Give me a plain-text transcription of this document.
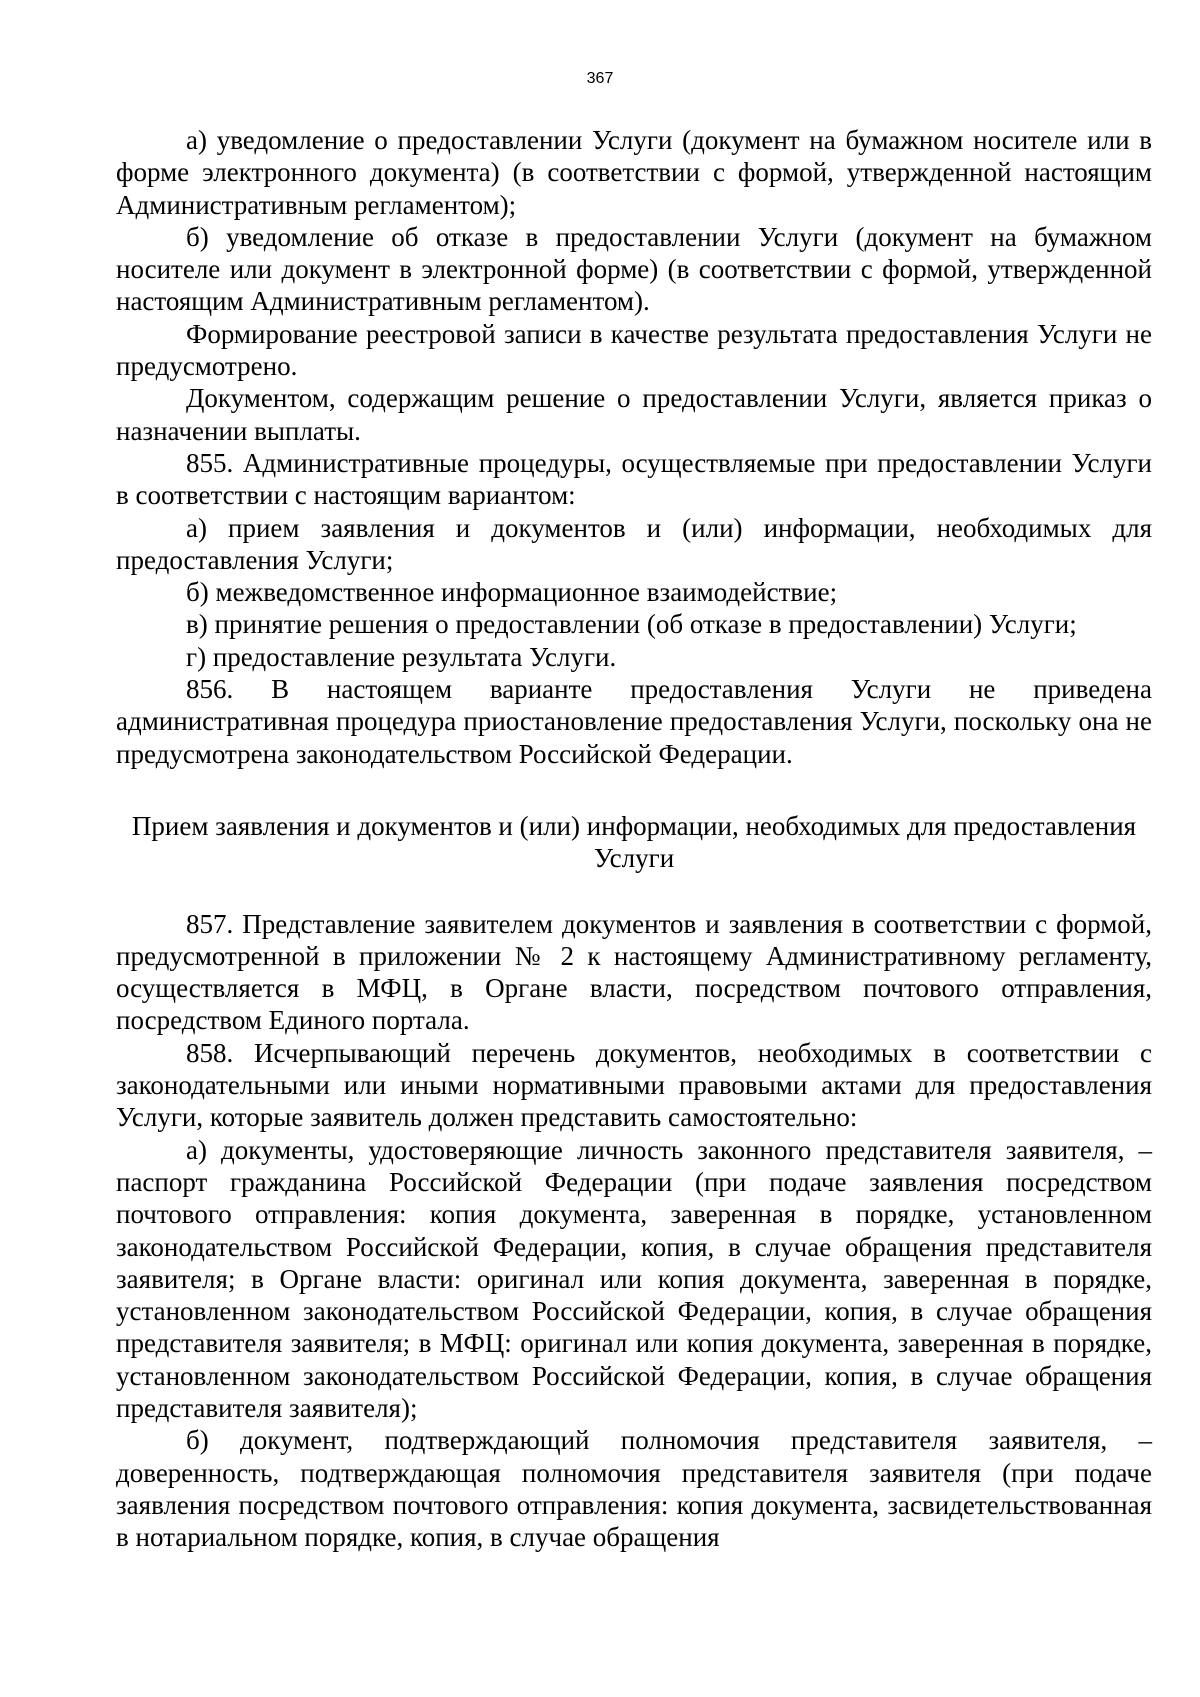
367

а) уведомление о предоставлении Услуги (документ на бумажном носителе или в форме электронного документа) (в соответствии с формой, утвержденной настоящим Административным регламентом);

б) уведомление об отказе в предоставлении Услуги (документ на бумажном носителе или документ в электронной форме) (в соответствии с формой, утвержденной настоящим Административным регламентом).

Формирование реестровой записи в качестве результата предоставления Услуги не предусмотрено.

Документом, содержащим решение о предоставлении Услуги, является приказ о назначении выплаты.

855. Административные процедуры, осуществляемые при предоставлении Услуги в соответствии с настоящим вариантом:

а) прием заявления и документов и (или) информации, необходимых для предоставления Услуги;

б) межведомственное информационное взаимодействие;

в) принятие решения о предоставлении (об отказе в предоставлении) Услуги;

г) предоставление результата Услуги.

856. В настоящем варианте предоставления Услуги не приведена административная процедура приостановление предоставления Услуги, поскольку она не предусмотрена законодательством Российской Федерации.

Прием заявления и документов и (или) информации, необходимых для предоставления Услуги

857. Представление заявителем документов и заявления в соответствии с формой, предусмотренной в приложении № 2 к настоящему Административному регламенту, осуществляется в МФЦ, в Органе власти, посредством почтового отправления, посредством Единого портала.

858. Исчерпывающий перечень документов, необходимых в соответствии с законодательными или иными нормативными правовыми актами для предоставления Услуги, которые заявитель должен представить самостоятельно:

а) документы, удостоверяющие личность законного представителя заявителя, – паспорт гражданина Российской Федерации (при подаче заявления посредством почтового отправления: копия документа, заверенная в порядке, установленном законодательством Российской Федерации, копия, в случае обращения представителя заявителя; в Органе власти: оригинал или копия документа, заверенная в порядке, установленном законодательством Российской Федерации, копия, в случае обращения представителя заявителя; в МФЦ: оригинал или копия документа, заверенная в порядке, установленном законодательством Российской Федерации, копия, в случае обращения представителя заявителя);

б) документ, подтверждающий полномочия представителя заявителя, – доверенность, подтверждающая полномочия представителя заявителя (при подаче заявления посредством почтового отправления: копия документа, засвидетельствованная в нотариальном порядке, копия, в случае обращения
